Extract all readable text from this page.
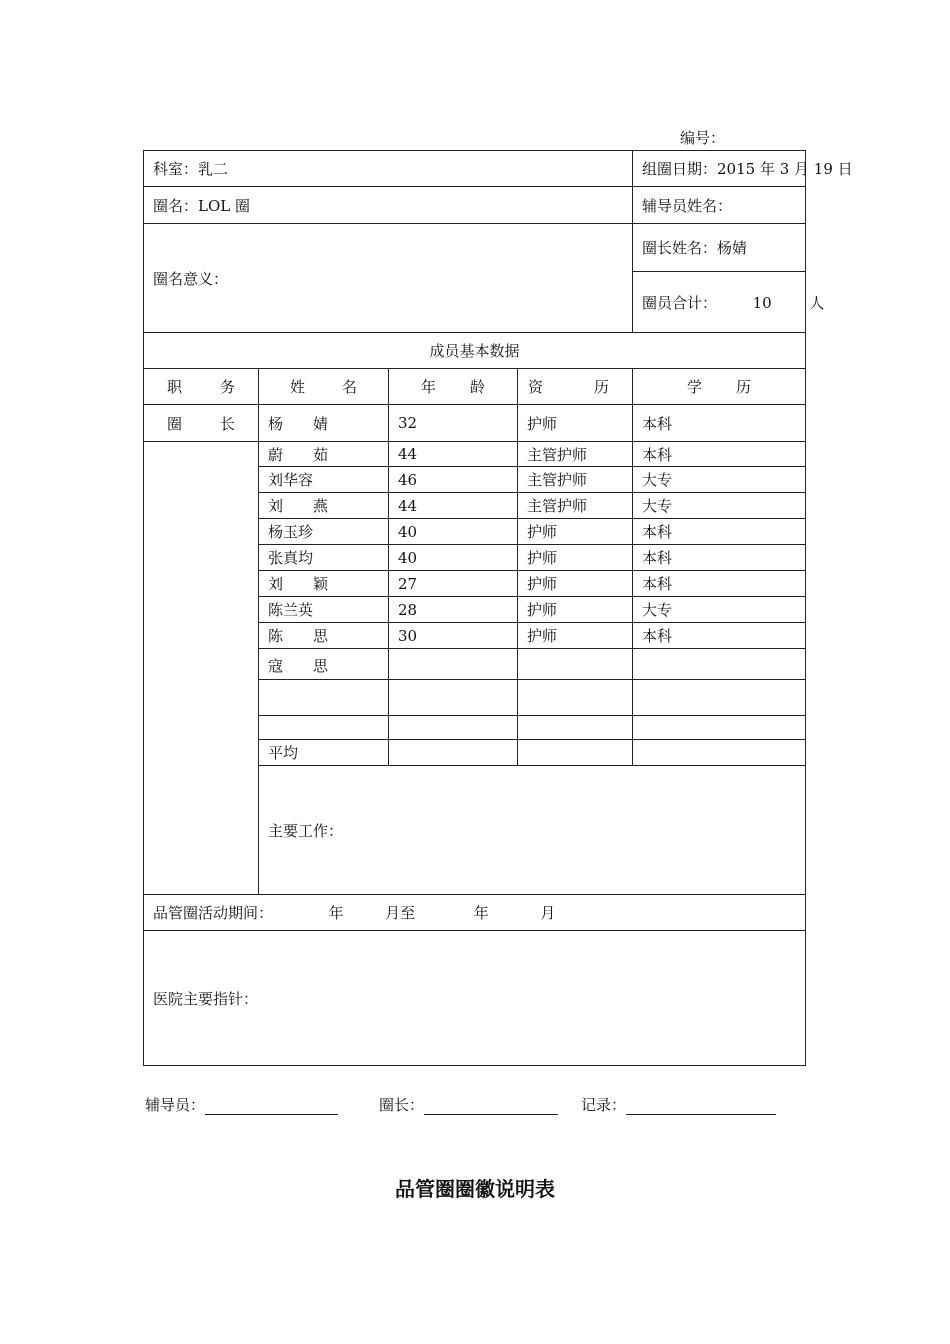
编号：
科室：乳二				组圈日期：2015 年 3 月 19 日
圈名：LOL 圈				辅导员姓名：
圈名意义：				圈长姓名：杨婧
				圈员合计： 10 人
成员基本数据				

职 务	姓 名	年 龄	资 历	学 历

圈 长	杨 婧	32	护师	本科

	蔚 茹	44	主管护师	本科
	刘华容	46	主管护师	大专

	刘 燕	44	主管护师	大专
	杨玉珍	40	护师	本科
	张真均	40	护师	本科

	刘 颖	27	护师	本科
	陈兰英	28	护师	大专

	陈 思	30	护师	本科

	寇 思			

	平均			
	主要工作：			
品管圈活动期间： 年 月至 年 月				
医院主要指针：				
辅导员：	圈长：	记录：
品管圈圈徽说明表
